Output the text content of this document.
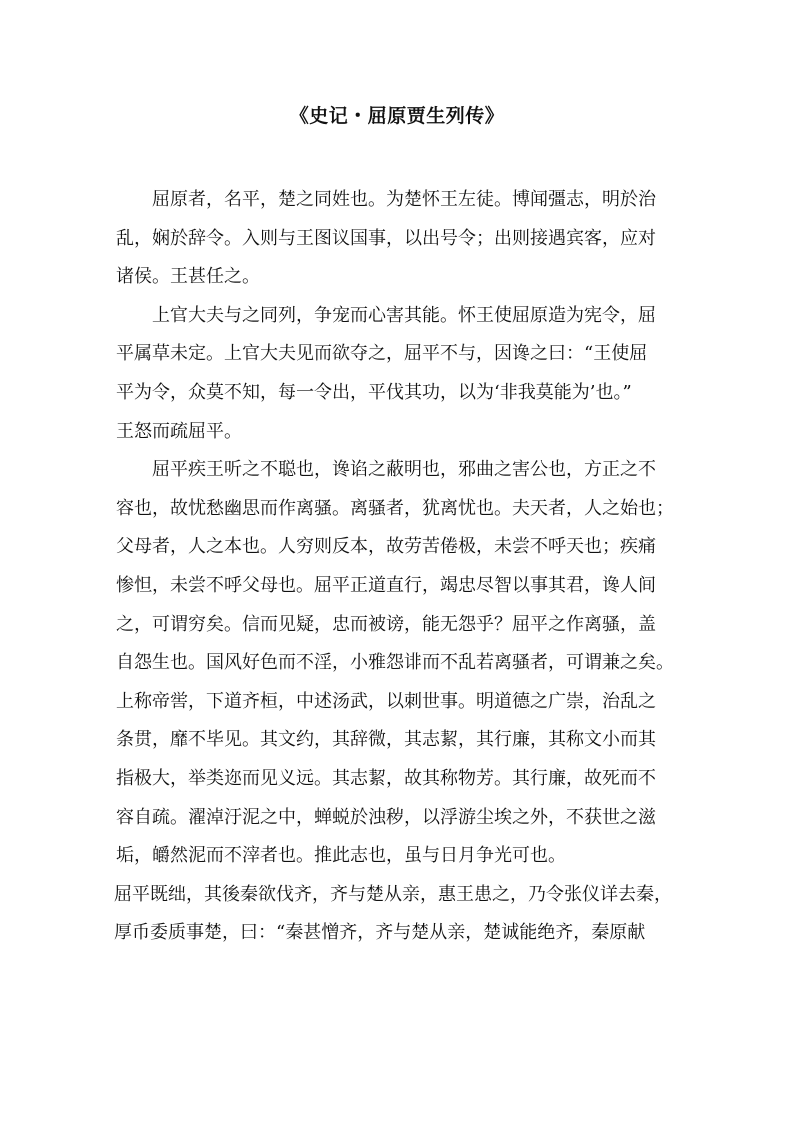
《史记・屈原贾生列传》
屈原者，名平，楚之同姓也。为楚怀王左徒。博闻彊志，明於治
乱，娴於辞令。入则与王图议国事，以出号令；出则接遇宾客，应对
诸侯。王甚任之。
上官大夫与之同列，争宠而心害其能。怀王使屈原造为宪令，屈
平属草未定。上官大夫见而欲夺之，屈平不与，因谗之曰：“王使屈
平为令，众莫不知，每一令出，平伐其功，以为‘非我莫能为’也。”
王怒而疏屈平。
屈平疾王听之不聪也，谗谄之蔽明也，邪曲之害公也，方正之不
容也，故忧愁幽思而作离骚。离骚者，犹离忧也。夫天者，人之始也；
父母者，人之本也。人穷则反本，故劳苦倦极，未尝不呼天也；疾痛
惨怛，未尝不呼父母也。屈平正道直行，竭忠尽智以事其君，谗人间
之，可谓穷矣。信而见疑，忠而被谤，能无怨乎？屈平之作离骚，盖
自怨生也。国风好色而不淫，小雅怨诽而不乱若离骚者，可谓兼之矣。
上称帝喾，下道齐桓，中述汤武，以刺世事。明道德之广崇，治乱之
条贯，靡不毕见。其文约，其辞微，其志絜，其行廉，其称文小而其
指极大，举类迩而见义远。其志絜，故其称物芳。其行廉，故死而不
容自疏。濯淖汙泥之中，蝉蜕於浊秽，以浮游尘埃之外，不获世之滋
垢，皭然泥而不滓者也。推此志也，虽与日月争光可也。
屈平既绌，其後秦欲伐齐，齐与楚从亲，惠王患之，乃令张仪详去秦，
厚币委质事楚，曰：“秦甚憎齐，齐与楚从亲，楚诚能绝齐，秦原献
